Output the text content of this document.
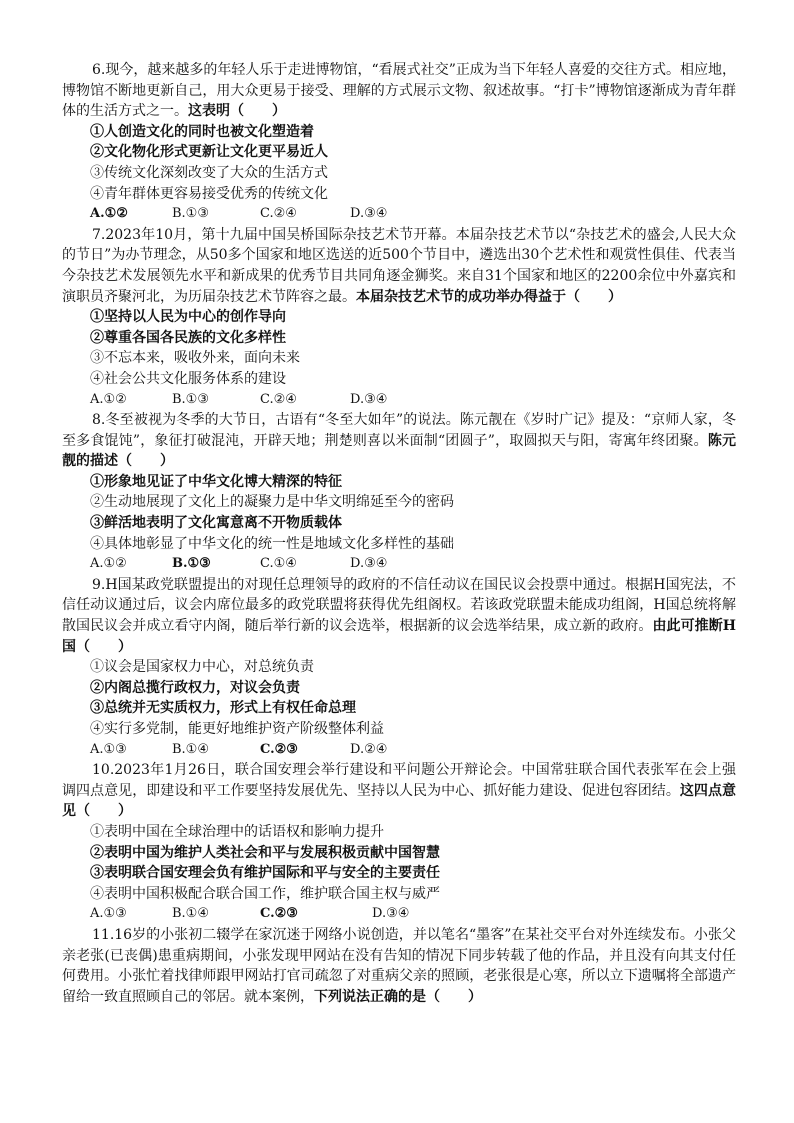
6.现今，越来越多的年轻人乐于走进博物馆，“看展式社交”正成为当下年轻人喜爱的交往方式。相应地，博物馆不断地更新自己，用大众更易于接受、理解的方式展示文物、叙述故事。“打卡”博物馆逐渐成为青年群体的生活方式之一。这表明（　　）

①人创造文化的同时也被文化塑造着

②文化物化形式更新让文化更平易近人

③传统文化深刻改变了大众的生活方式

④青年群体更容易接受优秀的传统文化

A.①②	B.①③	C.②④	D.③④

7.2023年10月，第十九届中国吴桥国际杂技艺术节开幕。本届杂技艺术节以“杂技艺术的盛会,人民大众的节日”为办节理念，从50多个国家和地区选送的近500个节目中，遴选出30个艺术性和观赏性俱佳、代表当今杂技艺术发展领先水平和新成果的优秀节目共同角逐金狮奖。来自31个国家和地区的2200余位中外嘉宾和演职员齐聚河北，为历届杂技艺术节阵容之最。本届杂技艺术节的成功举办得益于（　　）

①坚持以人民为中心的创作导向

②尊重各国各民族的文化多样性

③不忘本来，吸收外来，面向未来

④社会公共文化服务体系的建设

A.①②	B.①③	C.②④	D.③④

8.冬至被视为冬季的大节日，古语有“冬至大如年”的说法。陈元靓在《岁时广记》提及：“京师人家，冬至多食馄饨”，象征打破混沌，开辟天地；荆楚则喜以米面制“团圆子”，取圆拟天与阳，寄寓年终团聚。陈元靓的描述（　　）

①形象地见证了中华文化博大精深的特征

②生动地展现了文化上的凝聚力是中华文明绵延至今的密码

③鲜活地表明了文化寓意离不开物质载体

④具体地彰显了中华文化的统一性是地域文化多样性的基础

A.①②	B.①③	C.①④	D.③④

9.H国某政党联盟提出的对现任总理领导的政府的不信任动议在国民议会投票中通过。根据H国宪法，不信任动议通过后，议会内席位最多的政党联盟将获得优先组阁权。若该政党联盟未能成功组阁，H国总统将解散国民议会并成立看守内阁，随后举行新的议会选举，根据新的议会选举结果，成立新的政府。由此可推断H国（　　）

①议会是国家权力中心，对总统负责

②内阁总揽行政权力，对议会负责

③总统并无实质权力，形式上有权任命总理

④实行多党制，能更好地维护资产阶级整体利益

A.①③	B.①④	C.②③	D.②④

10.2023年1月26日，联合国安理会举行建设和平问题公开辩论会。中国常驻联合国代表张军在会上强调四点意见，即建设和平工作要坚持发展优先、坚持以人民为中心、抓好能力建设、促进包容团结。这四点意见（　　）

①表明中国在全球治理中的话语权和影响力提升

②表明中国为维护人类社会和平与发展积极贡献中国智慧

③表明联合国安理会负有维护国际和平与安全的主要责任

④表明中国积极配合联合国工作，维护联合国主权与威严

A.①③	B.①④	C.②③	D.③④

11.16岁的小张初二辍学在家沉迷于网络小说创造，并以笔名“墨客”在某社交平台对外连续发布。小张父亲老张(已丧偶)患重病期间，小张发现甲网站在没有告知的情况下同步转载了他的作品，并且没有向其支付任何费用。小张忙着找律师跟甲网站打官司疏忽了对重病父亲的照顾，老张很是心寒，所以立下遗嘱将全部遗产留给一致直照顾自己的邻居。就本案例，下列说法正确的是（　　）
